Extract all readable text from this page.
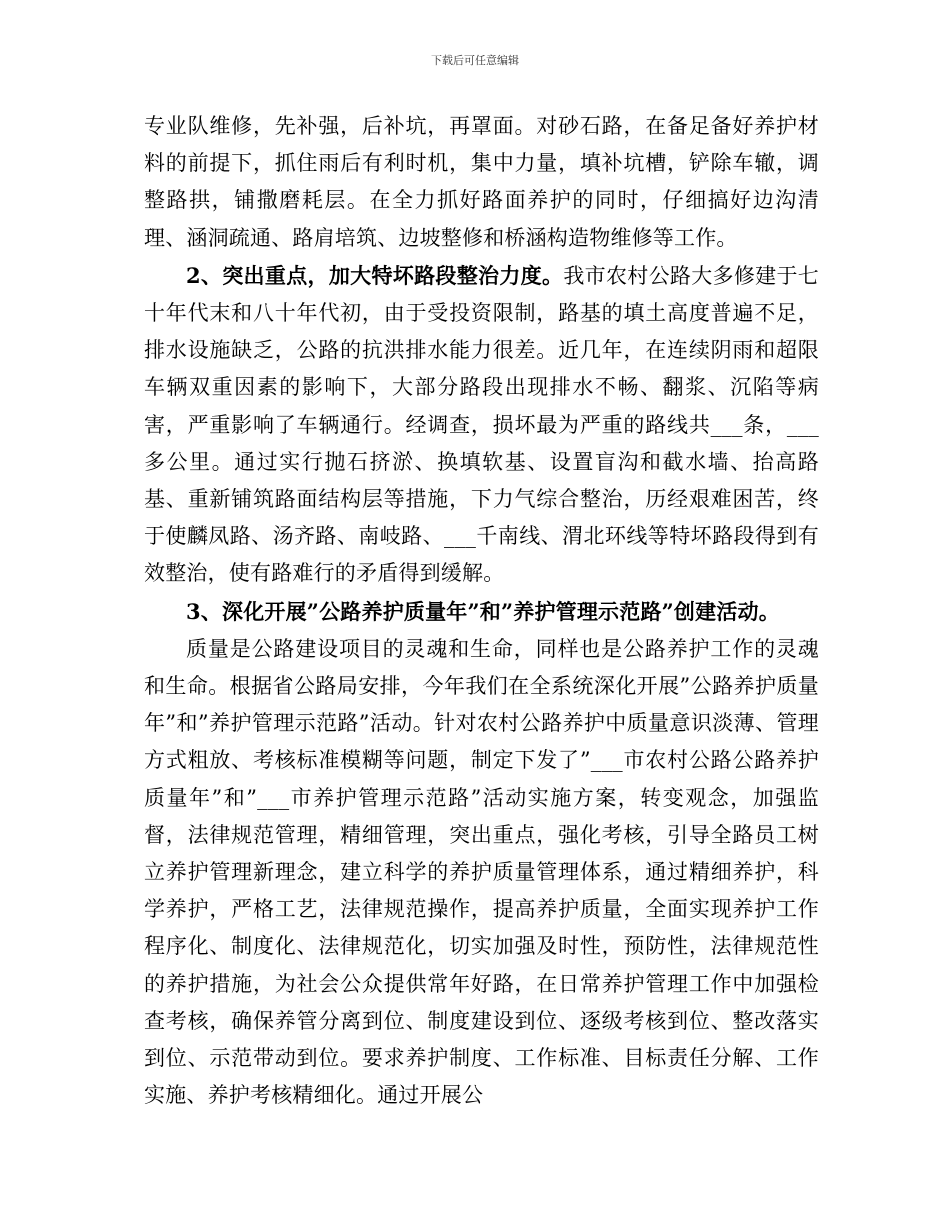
下载后可任意编辑

专业队维修，先补强，后补坑，再罩面。对砂石路，在备足备好养护材料的前提下，抓住雨后有利时机，集中力量，填补坑槽，铲除车辙，调整路拱，铺撒磨耗层。在全力抓好路面养护的同时，仔细搞好边沟清理、涵洞疏通、路肩培筑、边坡整修和桥涵构造物维修等工作。

2、突出重点，加大特坏路段整治力度。我市农村公路大多修建于七十年代末和八十年代初，由于受投资限制，路基的填土高度普遍不足，排水设施缺乏，公路的抗洪排水能力很差。近几年，在连续阴雨和超限车辆双重因素的影响下，大部分路段出现排水不畅、翻浆、沉陷等病害，严重影响了车辆通行。经调查，损坏最为严重的路线共___条，___多公里。通过实行抛石挤淤、换填软基、设置盲沟和截水墙、抬高路基、重新铺筑路面结构层等措施，下力气综合整治，历经艰难困苦，终于使麟凤路、汤齐路、南岐路、___千南线、渭北环线等特坏路段得到有效整治，使有路难行的矛盾得到缓解。

3、深化开展”公路养护质量年”和”养护管理示范路”创建活动。

质量是公路建设项目的灵魂和生命，同样也是公路养护工作的灵魂和生命。根据省公路局安排，今年我们在全系统深化开展”公路养护质量年”和”养护管理示范路”活动。针对农村公路养护中质量意识淡薄、管理方式粗放、考核标准模糊等问题，制定下发了”___市农村公路公路养护质量年”和”___市养护管理示范路”活动实施方案，转变观念，加强监督，法律规范管理，精细管理，突出重点，强化考核，引导全路员工树立养护管理新理念，建立科学的养护质量管理体系，通过精细养护，科学养护，严格工艺，法律规范操作，提高养护质量，全面实现养护工作程序化、制度化、法律规范化，切实加强及时性，预防性，法律规范性的养护措施，为社会公众提供常年好路，在日常养护管理工作中加强检查考核，确保养管分离到位、制度建设到位、逐级考核到位、整改落实到位、示范带动到位。要求养护制度、工作标准、目标责任分解、工作实施、养护考核精细化。通过开展公
